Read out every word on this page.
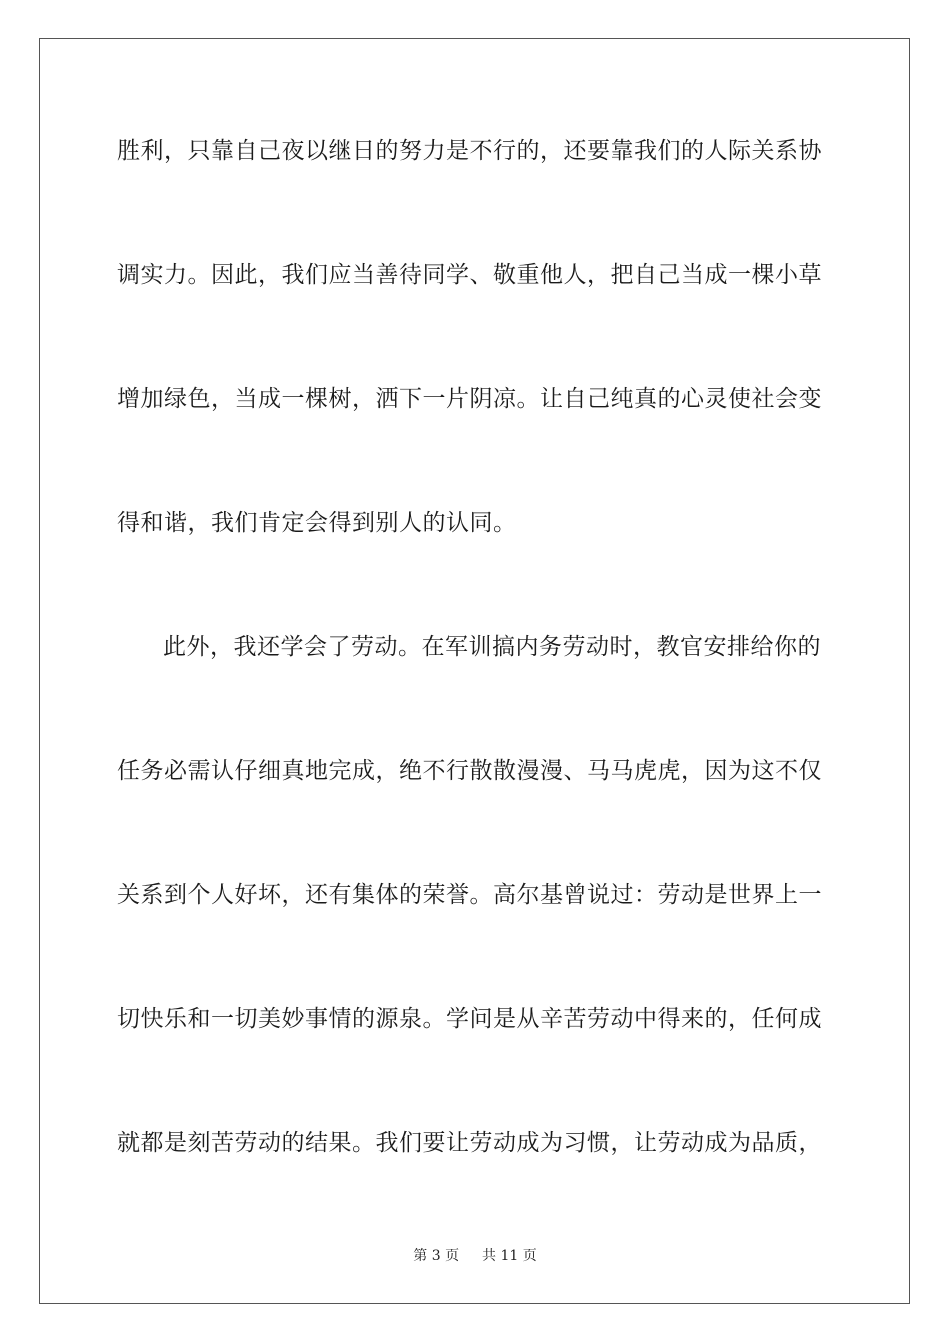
胜利，只靠自己夜以继日的努力是不行的，还要靠我们的人际关系协
调实力。因此，我们应当善待同学、敬重他人，把自己当成一棵小草
增加绿色，当成一棵树，洒下一片阴凉。让自己纯真的心灵使社会变
得和谐，我们肯定会得到别人的认同。
此外，我还学会了劳动。在军训搞内务劳动时，教官安排给你的
任务必需认仔细真地完成，绝不行散散漫漫、马马虎虎，因为这不仅
关系到个人好坏，还有集体的荣誉。高尔基曾说过：劳动是世界上一
切快乐和一切美妙事情的源泉。学问是从辛苦劳动中得来的，任何成
就都是刻苦劳动的结果。我们要让劳动成为习惯，让劳动成为品质，
第 3 页 共 11 页
